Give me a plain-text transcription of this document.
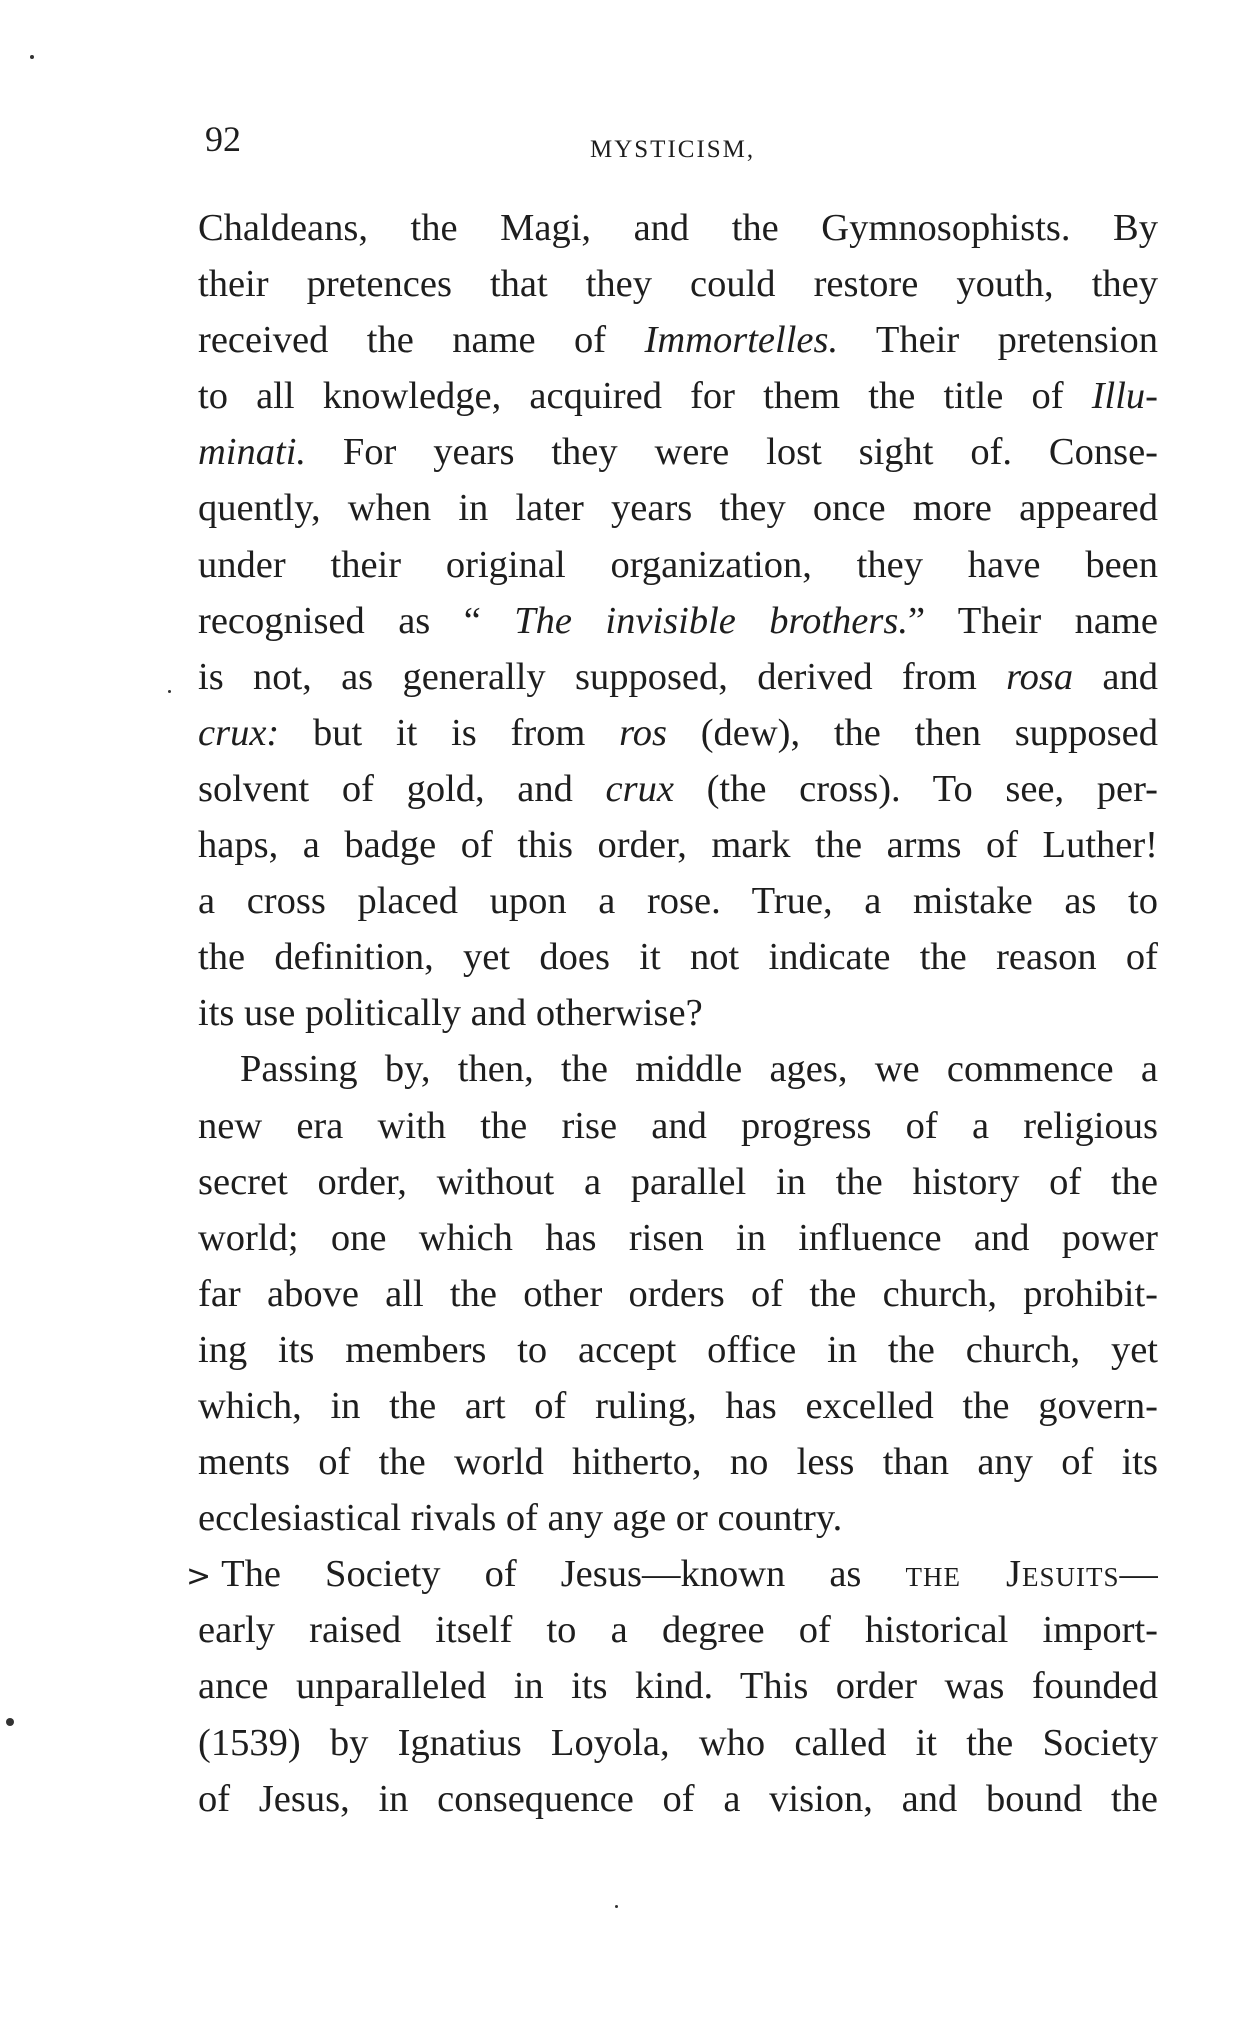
92	MYSTICISM,
Chaldeans, the Magi, and the Gymnosophists. By
their pretences that they could restore youth, they
received the name of Immortelles. Their pretension
to all knowledge, acquired for them the title of Illu-
minati. For years they were lost sight of. Conse-
quently, when in later years they once more appeared
under their original organization, they have been
recognised as “ The invisible brothers.” Their name
is not, as generally supposed, derived from rosa and
crux: but it is from ros (dew), the then supposed
solvent of gold, and crux (the cross). To see, per-
haps, a badge of this order, mark the arms of Luther!
a cross placed upon a rose. True, a mistake as to
the definition, yet does it not indicate the reason of
its use politically and otherwise?
Passing by, then, the middle ages, we commence a
new era with the rise and progress of a religious
secret order, without a parallel in the history of the
world; one which has risen in influence and power
far above all the other orders of the church, prohibit-
ing its members to accept office in the church, yet
which, in the art of ruling, has excelled the govern-
ments of the world hitherto, no less than any of its
ecclesiastical rivals of any age or country.
> The Society of Jesus—known as the Jesuits—
early raised itself to a degree of historical import-
ance unparalleled in its kind. This order was founded
(1539) by Ignatius Loyola, who called it the Society
of Jesus, in consequence of a vision, and bound the
